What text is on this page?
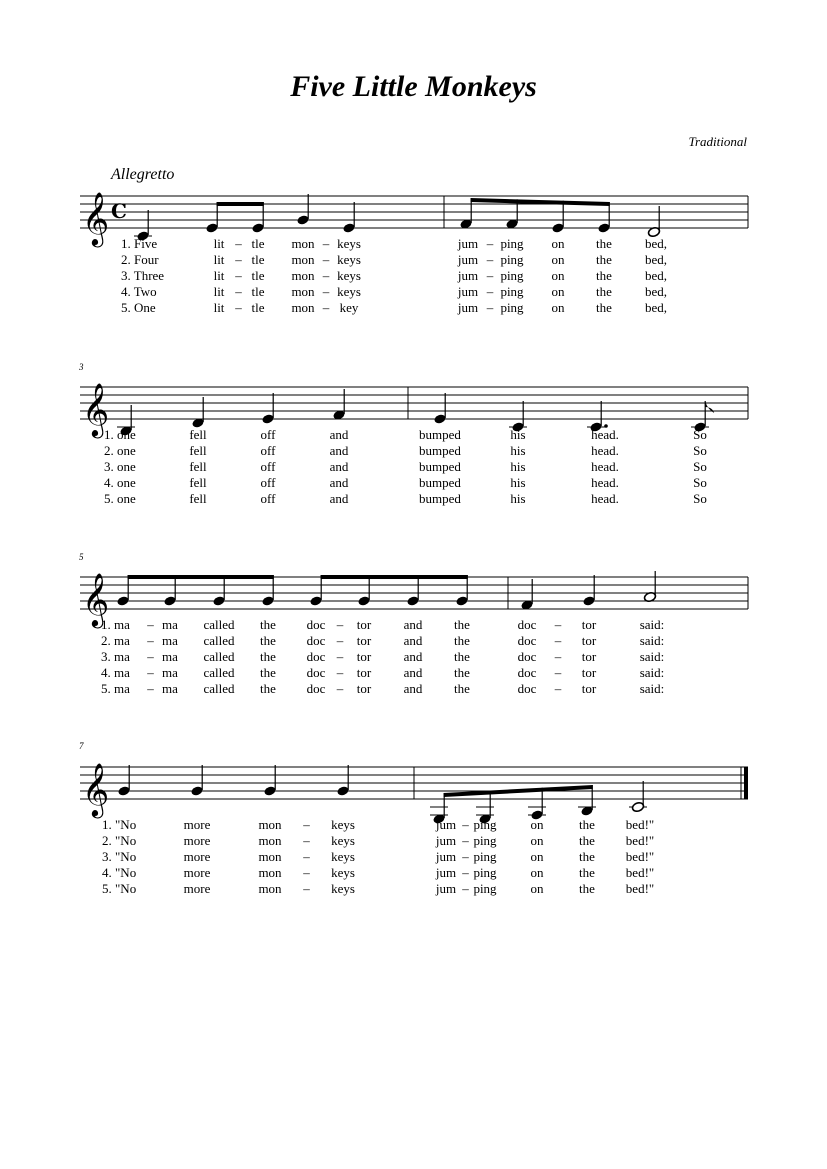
Five Little Monkeys
Traditional
Allegretto
3
5
7
𝄞 C
𝄞
𝄞
𝄞
1. Five	lit tle mon keys	jum ping on the	bed,
–	–	–
2. Four	lit tle mon keys	jum ping on the	bed,
–	–	–
3. Three	lit tle mon keys	jum ping on the	bed,
–	–	–
4. Two	lit tle mon keys	jum ping on the	bed,
–	–	–
5. One	lit tle mon key	jum ping on the	bed,
–	–	–
1. one	fell	off	and	bumped	his	head.	So
2. one	fell	off	and	bumped	his	head.	So
3. one	fell	off	and	bumped	his	head.	So
4. one	fell	off	and	bumped	his	head.	So
5. one	fell	off	and	bumped	his	head.	So
1. ma ma called the doc tor and the	doc	tor	said:
–	–	–
2. ma ma called the doc tor and the	doc	tor	said:
–	–	–
3. ma ma called the doc tor and the	doc	tor	said:
–	–	–
4. ma ma called the doc tor and the	doc	tor	said:
–	–	–
5. ma ma called the doc tor and the	doc	tor	said:
–	–	–
1. "No	more	mon	keys	jum ping	on	the bed!"
–	–
2. "No	more	mon	keys	jum ping	on	the bed!"
–	–
3. "No	more	mon	keys	jum ping	on	the bed!"
–	–
4. "No	more	mon	keys	jum ping	on	the bed!"
–	–
5. "No	more	mon	keys	jum ping	on	the bed!"
–	–
